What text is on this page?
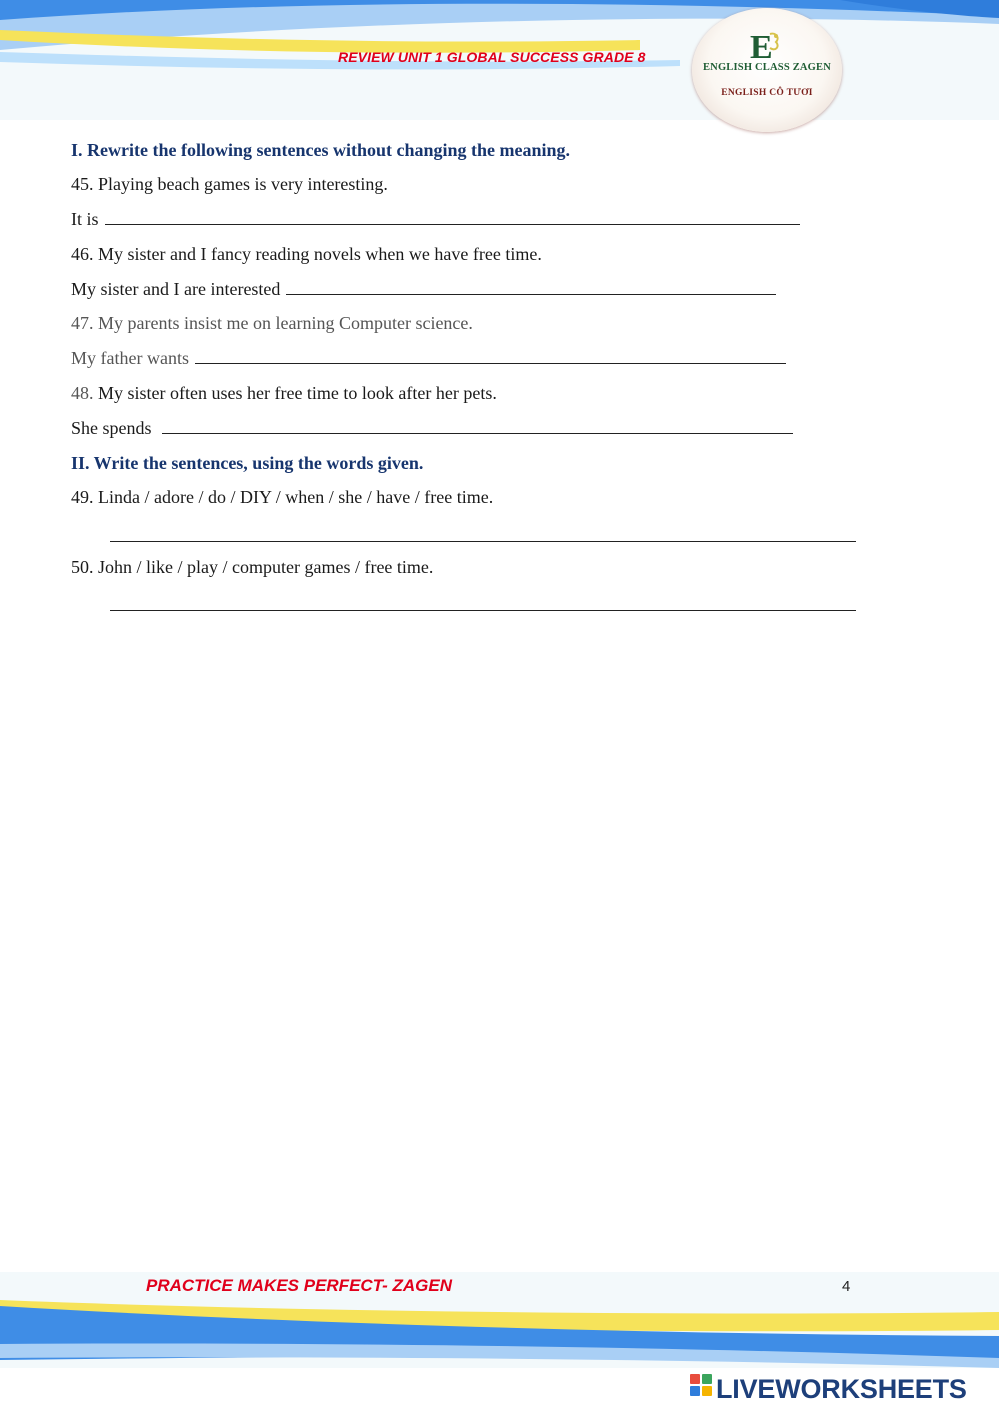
REVIEW UNIT 1 GLOBAL SUCCESS GRADE 8	E
ENGLISH CLASS ZAGEN
ENGLISH CÔ TƯƠI
I. Rewrite the following sentences without changing the meaning.
45. Playing beach games is very interesting.
It is
46. My sister and I fancy reading novels when we have free time.
My sister and I are interested
47. My parents insist me on learning Computer science.
My father wants
48. My sister often uses her free time to look after her pets.
She spends
II. Write the sentences, using the words given.
49. Linda / adore / do / DIY / when / she / have / free time.
50. John / like / play / computer games / free time.
PRACTICE MAKES PERFECT- ZAGEN	4
LIVEWORKSHEETS
